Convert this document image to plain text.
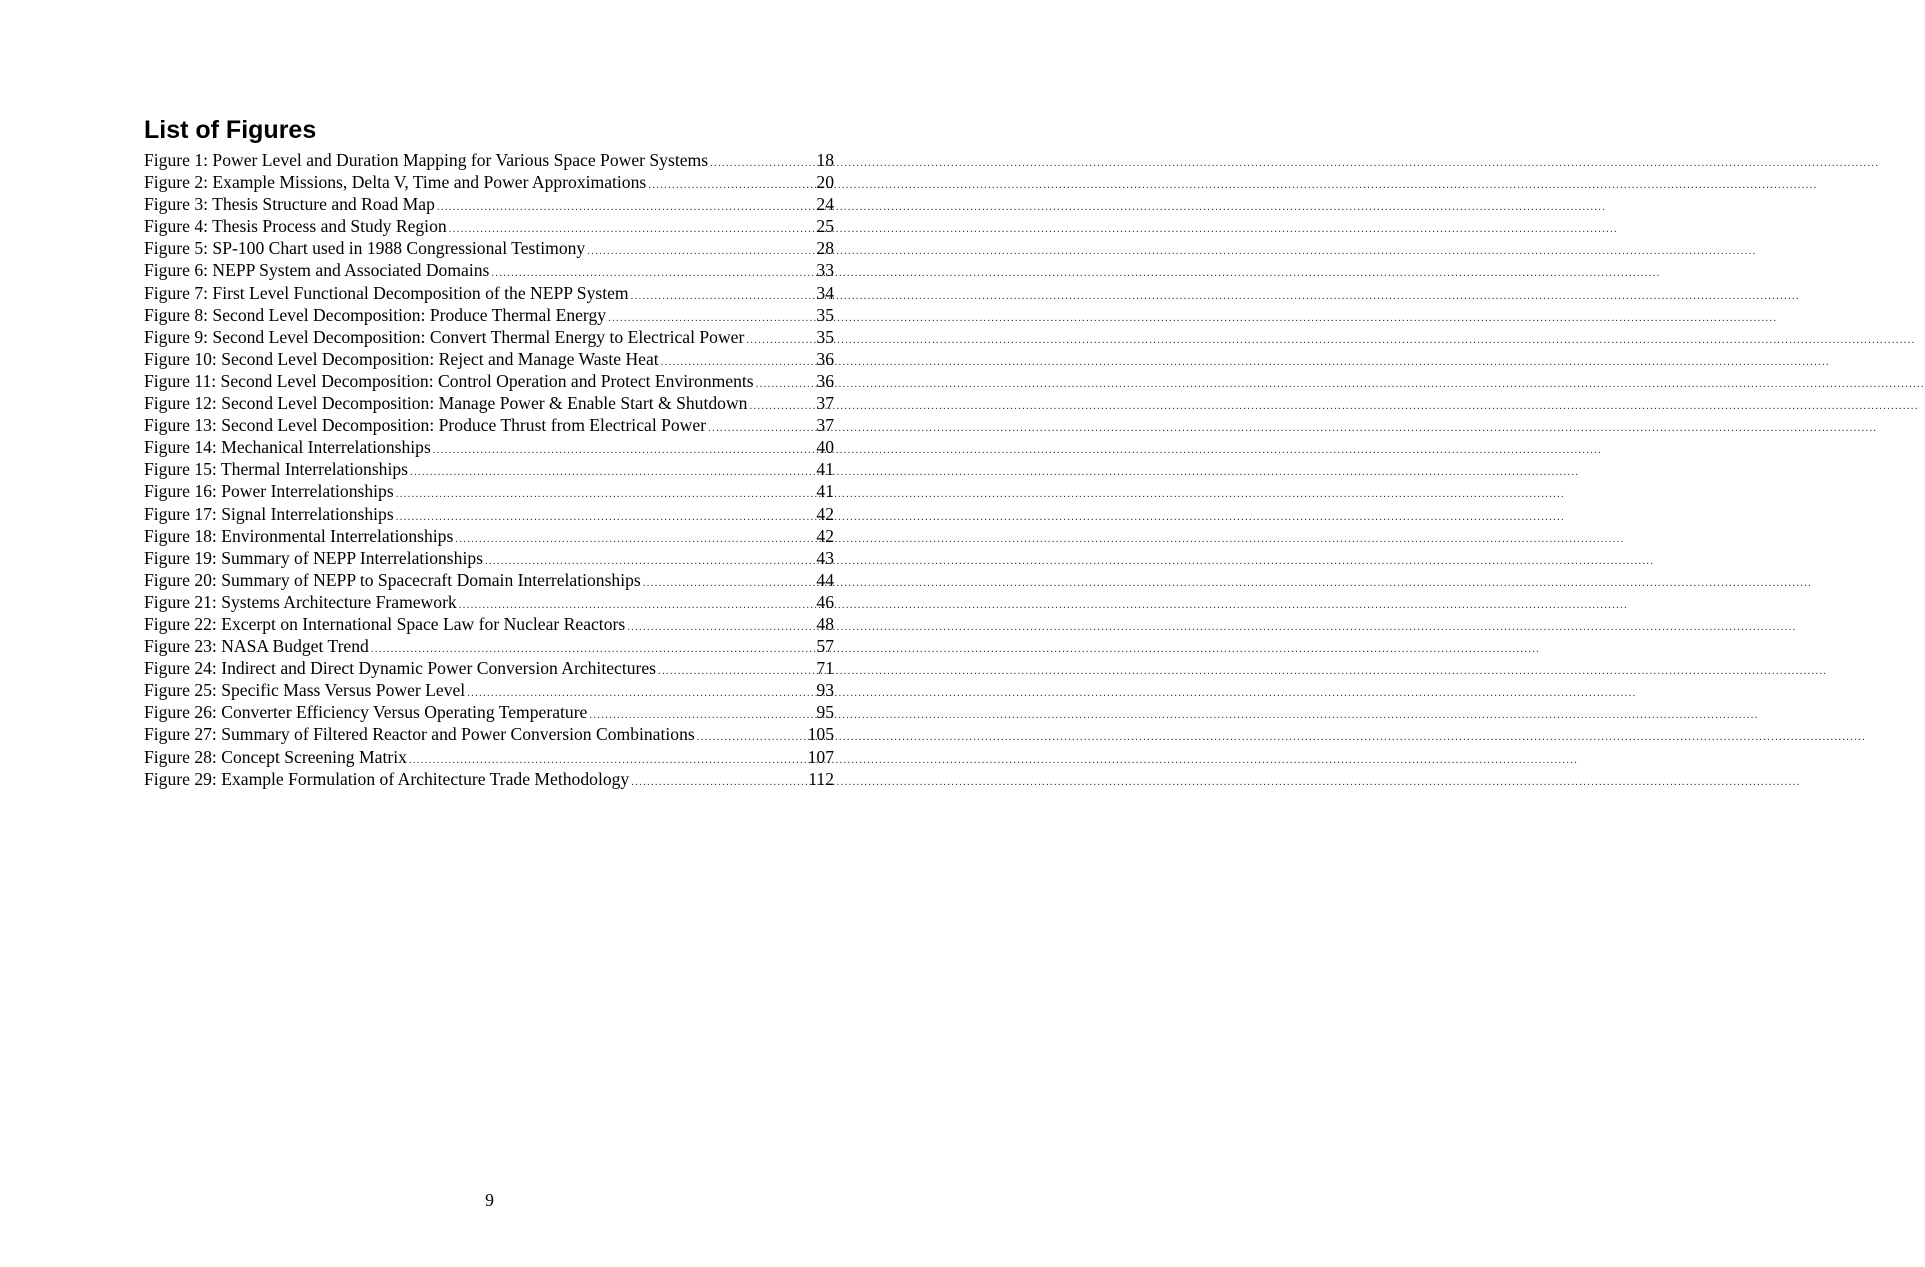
List of Figures
Figure 1: Power Level and Duration Mapping for Various Space Power Systems .....	18
Figure 2: Example Missions, Delta V, Time and Power Approximations .....	20
Figure 3: Thesis Structure and Road Map .....	24
Figure 4: Thesis Process and Study Region .....	25
Figure 5: SP-100 Chart used in 1988 Congressional Testimony .....	28
Figure 6: NEPP System and Associated Domains .....	33
Figure 7: First Level Functional Decomposition of the NEPP System .....	34
Figure 8: Second Level Decomposition: Produce Thermal Energy .....	35
Figure 9: Second Level Decomposition: Convert Thermal Energy to Electrical Power .....	35
Figure 10: Second Level Decomposition: Reject and Manage Waste Heat .....	36
Figure 11: Second Level Decomposition: Control Operation and Protect Environments .....	36
Figure 12: Second Level Decomposition: Manage Power & Enable Start & Shutdown .....	37
Figure 13: Second Level Decomposition: Produce Thrust from Electrical Power .....	37
Figure 14: Mechanical Interrelationships .....	40
Figure 15: Thermal Interrelationships .....	41
Figure 16: Power Interrelationships .....	41
Figure 17: Signal Interrelationships .....	42
Figure 18: Environmental Interrelationships .....	42
Figure 19: Summary of NEPP Interrelationships .....	43
Figure 20: Summary of NEPP to Spacecraft Domain Interrelationships .....	44
Figure 21: Systems Architecture Framework .....	46
Figure 22: Excerpt on International Space Law for Nuclear Reactors .....	48
Figure 23: NASA Budget Trend .....	57
Figure 24: Indirect and Direct Dynamic Power Conversion Architectures .....	71
Figure 25: Specific Mass Versus Power Level .....	93
Figure 26: Converter Efficiency Versus Operating Temperature .....	95
Figure 27: Summary of Filtered Reactor and Power Conversion Combinations .....	105
Figure 28: Concept Screening Matrix .....	107
Figure 29: Example Formulation of Architecture Trade Methodology .....	112
9
